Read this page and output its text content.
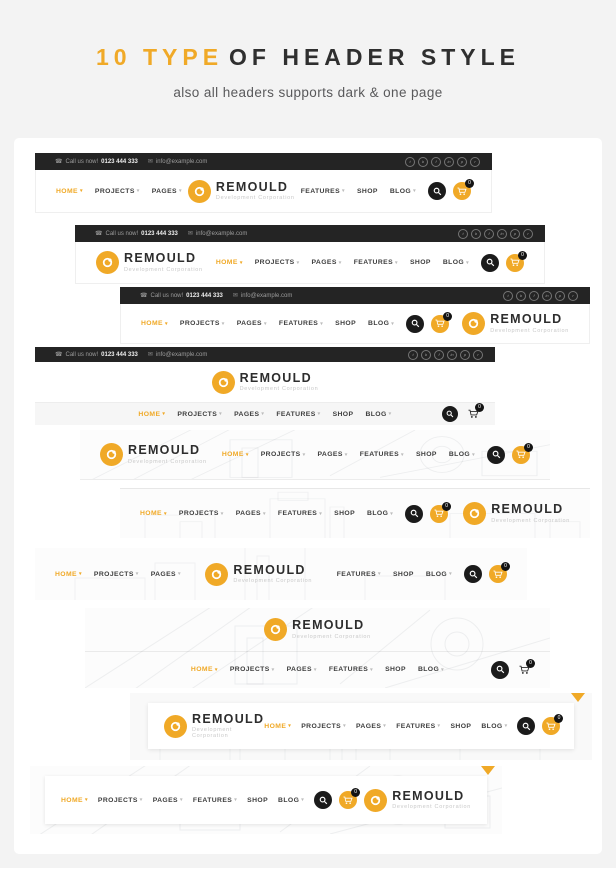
10 TYPE OF HEADER STYLE

also all headers supports dark & one page

☎ Call us now! 0123 444 333 ✉ info@example.com	t	b	f	in	p	r
HOME ▾ PROJECTS ▾ PAGES ▾	REMOULD
Development Corporation
FEATURES ▾ SHOP BLOG ▾
0
☎ Call us now! 0123 444 333 ✉ info@example.com	t	b	f	in	p	r
REMOULD
Development Corporation
HOME ▾ PROJECTS ▾ PAGES ▾ FEATURES ▾ SHOP BLOG ▾
0
☎ Call us now! 0123 444 333 ✉ info@example.com	t	b	f	in	p	r
HOME ▾ PROJECTS ▾ PAGES ▾ FEATURES ▾ SHOP BLOG ▾
0	REMOULD
Development Corporation
☎ Call us now! 0123 444 333 ✉ info@example.com	t	b	f	in	p	r
REMOULD
Development Corporation
HOME ▾ PROJECTS ▾ PAGES ▾ FEATURES ▾ SHOP BLOG ▾
0
REMOULD
Development Corporation
HOME ▾ PROJECTS ▾ PAGES ▾ FEATURES ▾ SHOP BLOG ▾
0
HOME ▾ PROJECTS ▾ PAGES ▾ FEATURES ▾ SHOP BLOG ▾
0	REMOULD
Development Corporation
HOME ▾ PROJECTS ▾ PAGES ▾	REMOULD
Development Corporation
FEATURES ▾ SHOP BLOG ▾
0
REMOULD
Development Corporation
HOME ▾ PROJECTS ▾ PAGES ▾ FEATURES ▾ SHOP BLOG ▾
0
REMOULD
Development Corporation
HOME ▾ PROJECTS ▾ PAGES ▾ FEATURES ▾ SHOP BLOG ▾
0
HOME ▾ PROJECTS ▾ PAGES ▾ FEATURES ▾ SHOP BLOG ▾
0	REMOULD
Development Corporation
